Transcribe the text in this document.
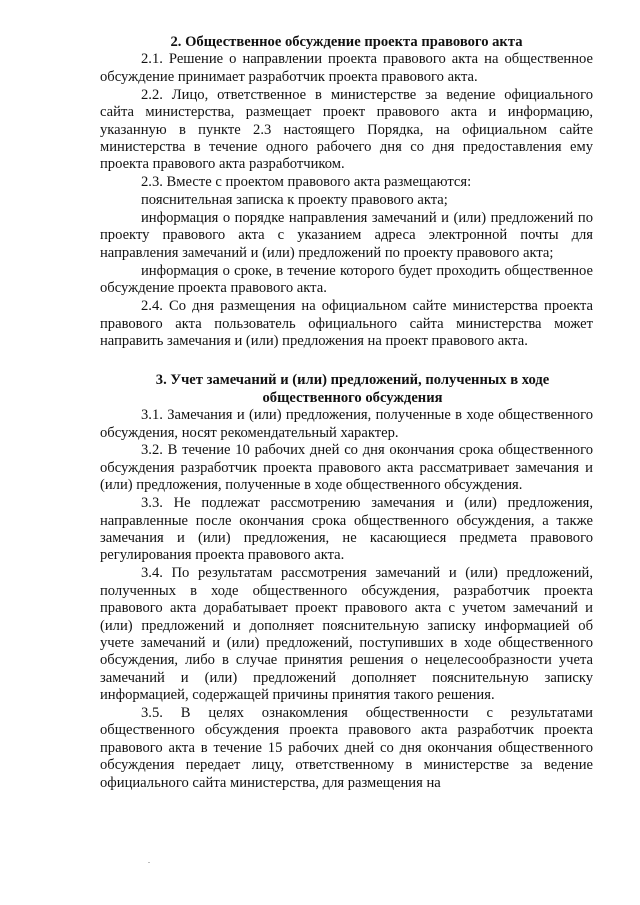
2. Общественное обсуждение проекта правового акта

2.1. Решение о направлении проекта правового акта на общественное обсуждение принимает разработчик проекта правового акта.

2.2. Лицо, ответственное в министерстве за ведение официального сайта министерства, размещает проект правового акта и информацию, указанную в пункте 2.3 настоящего Порядка, на официальном сайте министерства в течение одного рабочего дня со дня предоставления ему проекта правового акта разработчиком.

2.3. Вместе с проектом правового акта размещаются:

пояснительная записка к проекту правового акта;

информация о порядке направления замечаний и (или) предложений по проекту правового акта с указанием адреса электронной почты для направления замечаний и (или) предложений по проекту правового акта;

информация о сроке, в течение которого будет проходить общественное обсуждение проекта правового акта.

2.4. Со дня размещения на официальном сайте министерства проекта правового акта пользователь официального сайта министерства может направить замечания и (или) предложения на проект правового акта.

3. Учет замечаний и (или) предложений, полученных в ходе общественного обсуждения

3.1. Замечания и (или) предложения, полученные в ходе общественного обсуждения, носят рекомендательный характер.

3.2. В течение 10 рабочих дней со дня окончания срока общественного обсуждения разработчик проекта правового акта рассматривает замечания и (или) предложения, полученные в ходе общественного обсуждения.

3.3. Не подлежат рассмотрению замечания и (или) предложения, направленные после окончания срока общественного обсуждения, а также замечания и (или) предложения, не касающиеся предмета правового регулирования проекта правового акта.

3.4. По результатам рассмотрения замечаний и (или) предложений, полученных в ходе общественного обсуждения, разработчик проекта правового акта дорабатывает проект правового акта с учетом замечаний и (или) предложений и дополняет пояснительную записку информацией об учете замечаний и (или) предложений, поступивших в ходе общественного обсуждения, либо в случае принятия решения о нецелесообразности учета замечаний и (или) предложений дополняет пояснительную записку информацией, содержащей причины принятия такого решения.

3.5. В целях ознакомления общественности с результатами общественного обсуждения проекта правового акта разработчик проекта правового акта в течение 15 рабочих дней со дня окончания общественного обсуждения передает лицу, ответственному в министерстве за ведение официального сайта министерства, для размещения на
